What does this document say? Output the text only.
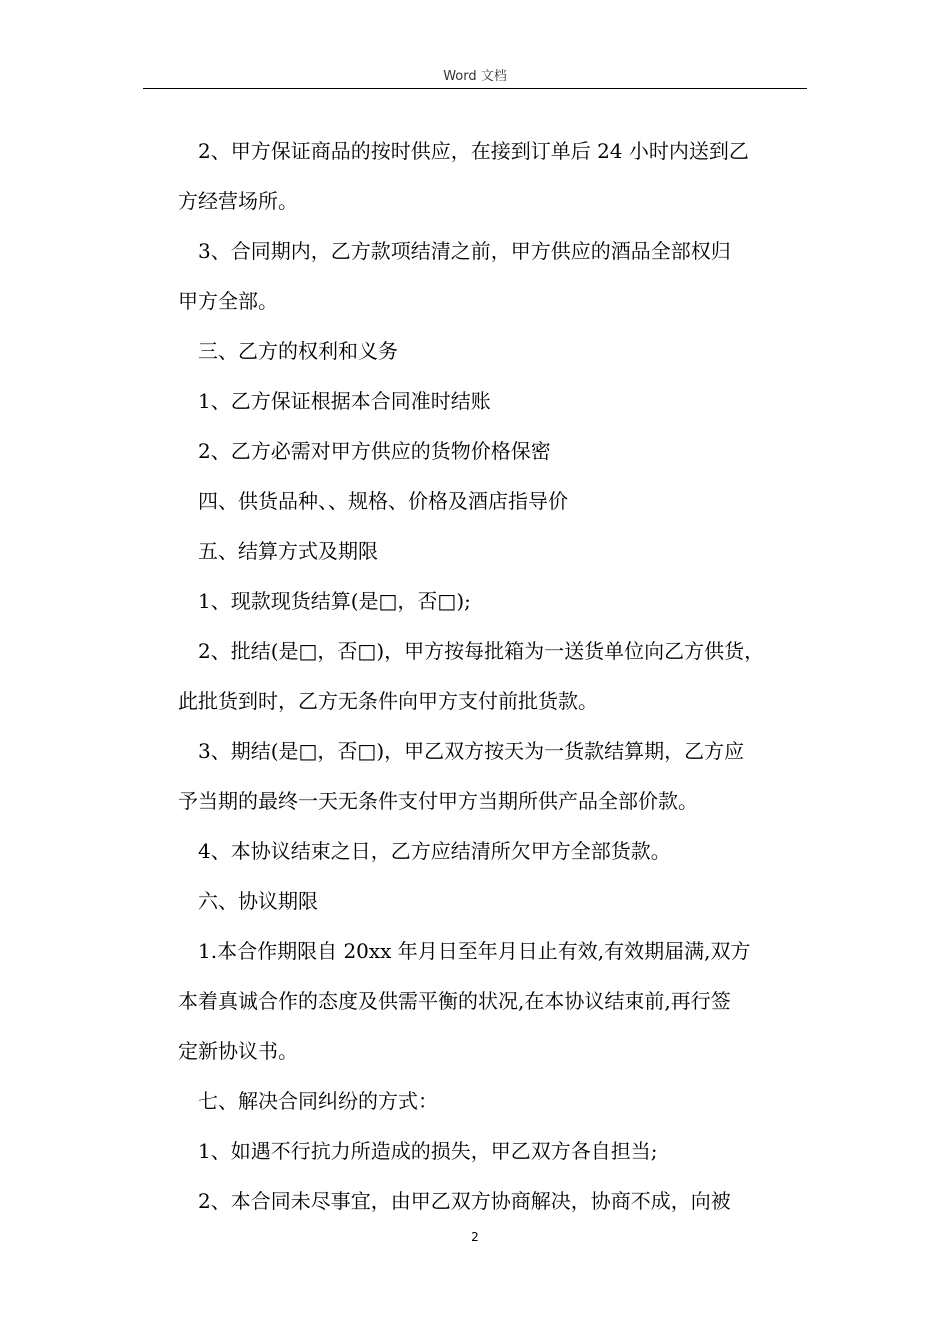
Word 文档

2、甲方保证商品的按时供应，在接到订单后 24 小时内送到乙

方经营场所。

3、合同期内，乙方款项结清之前，甲方供应的酒品全部权归

甲方全部。

三、乙方的权利和义务

1、乙方保证根据本合同准时结账

2、乙方必需对甲方供应的货物价格保密

四、供货品种、、规格、价格及酒店指导价

五、结算方式及期限

1、现款现货结算(是□，否□);

2、批结(是□，否□)，甲方按每批箱为一送货单位向乙方供货，

此批货到时，乙方无条件向甲方支付前批货款。

3、期结(是□，否□)，甲乙双方按天为一货款结算期，乙方应

予当期的最终一天无条件支付甲方当期所供产品全部价款。

4、本协议结束之日，乙方应结清所欠甲方全部货款。

六、协议期限

1.本合作期限自 20xx 年月日至年月日止有效,有效期届满,双方

本着真诚合作的态度及供需平衡的状况,在本协议结束前,再行签

定新协议书。

七、解决合同纠纷的方式：

1、如遇不行抗力所造成的损失，甲乙双方各自担当;

2、本合同未尽事宜，由甲乙双方协商解决，协商不成，向被

2
